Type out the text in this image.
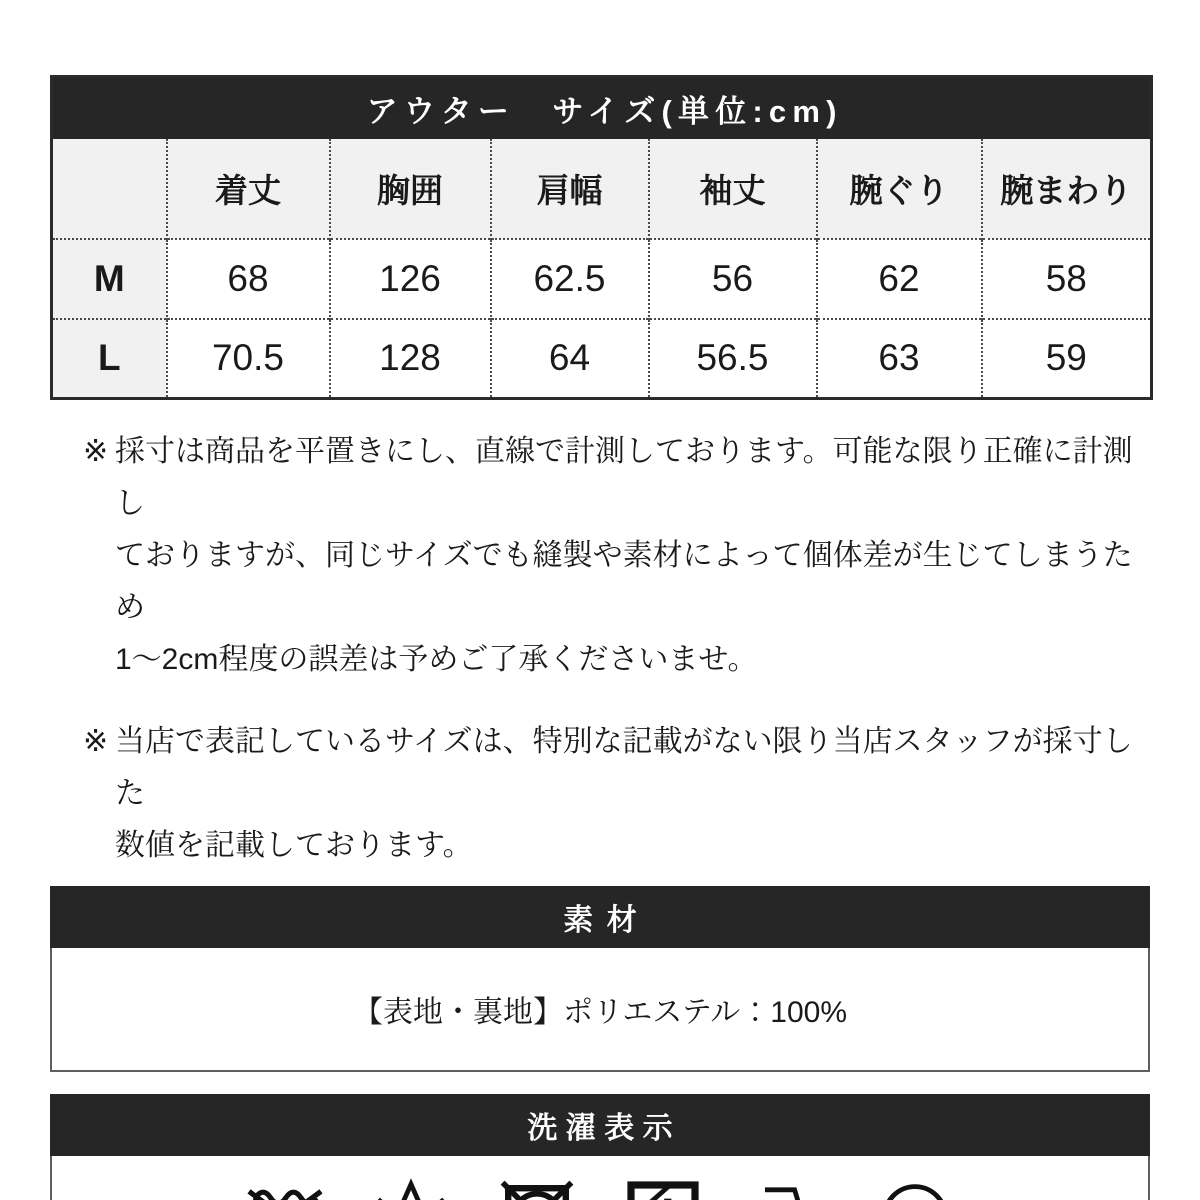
アウター　サイズ(単位:cm)						
	着丈	胸囲	肩幅	袖丈	腕ぐり	腕まわり
M	68	126	62.5	56	62	58
L	70.5	128	64	56.5	63	59
※ 採寸は商品を平置きにし、直線で計測しております。可能な限り正確に計測し
ておりますが、同じサイズでも縫製や素材によって個体差が生じてしまうため
1〜2cm程度の誤差は予めご了承くださいませ。
※ 当店で表記しているサイズは、特別な記載がない限り当店スタッフが採寸した
数値を記載しております。
素材
【表地・裏地】ポリエステル：100%
洗濯表示
